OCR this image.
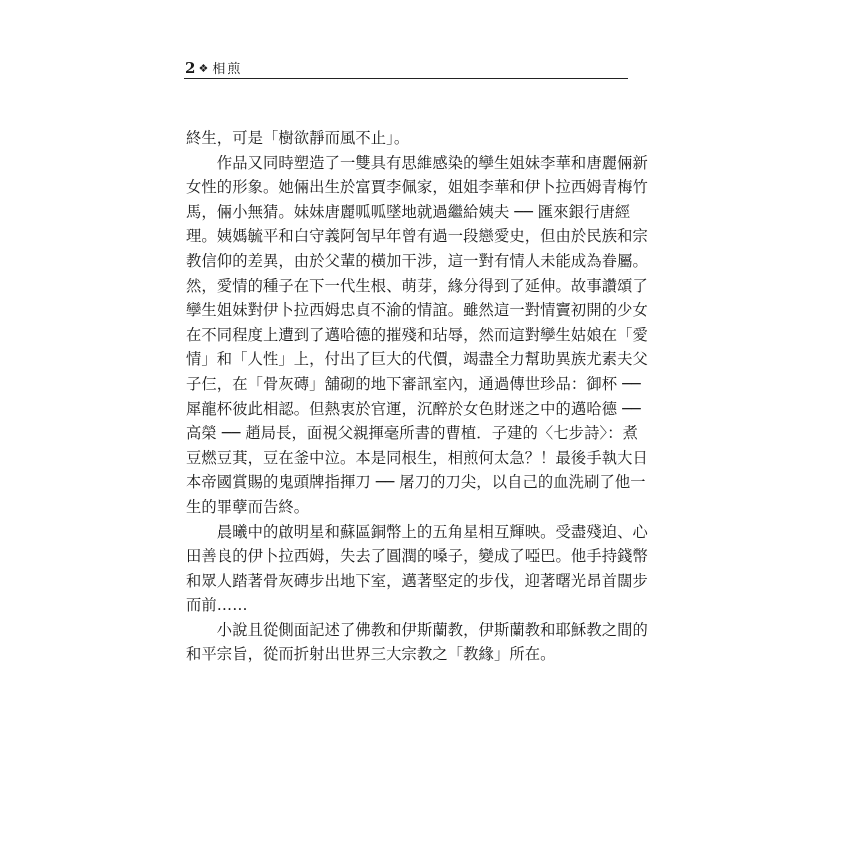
2 ❖ 相煎
終生，可是「樹欲靜而風不止」。
　　作品又同時塑造了一雙具有思維感染的孿生姐妹李華和唐麗倆新
女性的形象。她倆出生於富賈李佩家，姐姐李華和伊卜拉西姆青梅竹
馬，倆小無猜。妹妹唐麗呱呱墜地就過繼給姨夫 ── 匯來銀行唐經
理。姨媽毓平和白守義阿訇早年曾有過一段戀愛史，但由於民族和宗
教信仰的差異，由於父輩的橫加干涉，這一對有情人未能成為眷屬。
然，愛情的種子在下一代生根、萌芽，緣分得到了延伸。故事讚頌了
孿生姐妹對伊卜拉西姆忠貞不渝的情誼。雖然這一對情竇初開的少女
在不同程度上遭到了邁哈德的摧殘和玷辱，然而這對孿生姑娘在「愛
情」和「人性」上，付出了巨大的代價，竭盡全力幫助異族尤素夫父
子仨，在「骨灰磚」舖砌的地下審訊室內，通過傳世珍品：御杯 ──
犀龍杯彼此相認。但熱衷於官運，沉醉於女色財迷之中的邁哈德 ──
高榮 ── 趙局長，面視父親揮毫所書的曹植．子建的〈七步詩〉：煮
豆燃豆萁，豆在釜中泣。本是同根生，相煎何太急？！最後手執大日
本帝國賞賜的鬼頭牌指揮刀 ── 屠刀的刀尖，以自己的血洗刷了他一
生的罪孽而告終。
　　晨曦中的啟明星和蘇區銅幣上的五角星相互輝映。受盡殘迫、心
田善良的伊卜拉西姆，失去了圓潤的嗓子，變成了啞巴。他手持錢幣
和眾人踏著骨灰磚步出地下室，邁著堅定的步伐，迎著曙光昂首闊步
而前……
　　小說且從側面記述了佛教和伊斯蘭教，伊斯蘭教和耶穌教之間的
和平宗旨，從而折射出世界三大宗教之「教緣」所在。
